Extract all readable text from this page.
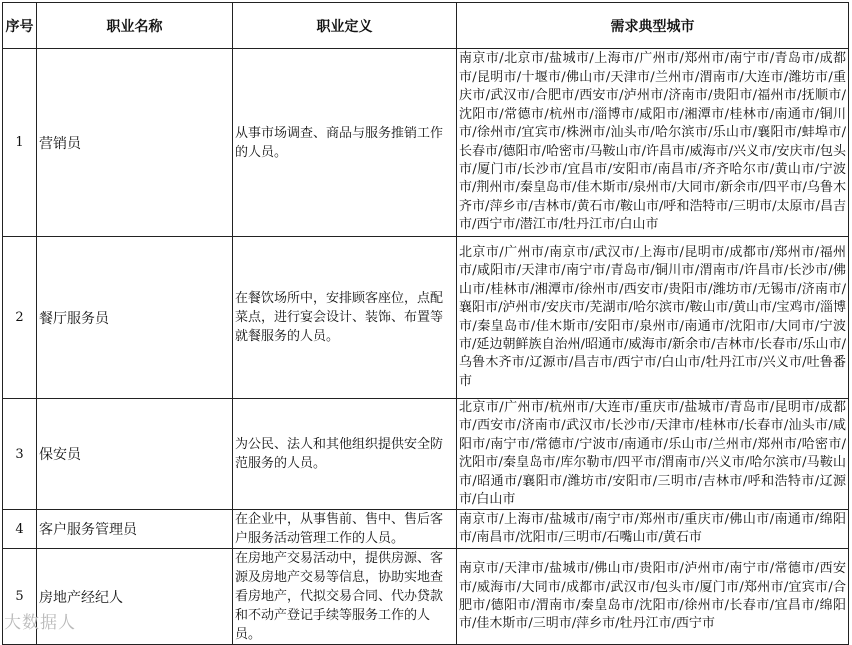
序号	职业名称	职业定义	需求典型城市
1	营销员	从事市场调查、商品与服务推销工作的人员。	南京市/北京市/盐城市/上海市/广州市/郑州市/南宁市/青岛市/成都市/昆明市/十堰市/佛山市/天津市/兰州市/渭南市/大连市/潍坊市/重庆市/武汉市/合肥市/西安市/泸州市/济南市/贵阳市/福州市/抚顺市/沈阳市/常德市/杭州市/淄博市/咸阳市/湘潭市/桂林市/南通市/铜川市/徐州市/宜宾市/株洲市/汕头市/哈尔滨市/乐山市/襄阳市/蚌埠市/长春市/德阳市/哈密市/马鞍山市/许昌市/威海市/兴义市/安庆市/包头市/厦门市/长沙市/宜昌市/安阳市/南昌市/齐齐哈尔市/黄山市/宁波市/荆州市/秦皇岛市/佳木斯市/泉州市/大同市/新余市/四平市/乌鲁木齐市/萍乡市/吉林市/黄石市/鞍山市/呼和浩特市/三明市/太原市/昌吉市/西宁市/潜江市/牡丹江市/白山市
2	餐厅服务员	在餐饮场所中，安排顾客座位，点配菜点，进行宴会设计、装饰、布置等就餐服务的人员。	北京市/广州市/南京市/武汉市/上海市/昆明市/成都市/郑州市/福州市/咸阳市/天津市/南宁市/青岛市/铜川市/渭南市/许昌市/长沙市/佛山市/桂林市/湘潭市/徐州市/西安市/贵阳市/潍坊市/无锡市/济南市/襄阳市/泸州市/安庆市/芜湖市/哈尔滨市/鞍山市/黄山市/宝鸡市/淄博市/秦皇岛市/佳木斯市/安阳市/泉州市/南通市/沈阳市/大同市/宁波市/延边朝鲜族自治州/昭通市/威海市/新余市/吉林市/长春市/乐山市/乌鲁木齐市/辽源市/昌吉市/西宁市/白山市/牡丹江市/兴义市/吐鲁番市
3	保安员	为公民、法人和其他组织提供安全防范服务的人员。	北京市/广州市/杭州市/大连市/重庆市/盐城市/青岛市/昆明市/成都市/西安市/济南市/武汉市/长沙市/天津市/桂林市/长春市/汕头市/咸阳市/南宁市/常德市/宁波市/南通市/乐山市/兰州市/郑州市/哈密市/沈阳市/秦皇岛市/库尔勒市/四平市/渭南市/兴义市/哈尔滨市/马鞍山市/昭通市/襄阳市/潍坊市/安阳市/三明市/吉林市/呼和浩特市/辽源市/白山市
4	客户服务管理员	在企业中，从事售前、售中、售后客户服务活动管理工作的人员。	南京市/上海市/盐城市/南宁市/郑州市/重庆市/佛山市/南通市/绵阳市/南昌市/沈阳市/三明市/石嘴山市/黄石市
5	房地产经纪人	在房地产交易活动中，提供房源、客源及房地产交易等信息，协助实地查看房地产，代拟交易合同、代办贷款和不动产登记手续等服务工作的人员。	南京市/天津市/盐城市/佛山市/贵阳市/泸州市/南宁市/常德市/西安市/威海市/大同市/成都市/武汉市/包头市/厦门市/郑州市/宜宾市/合肥市/德阳市/渭南市/秦皇岛市/沈阳市/徐州市/长春市/宜昌市/绵阳市/佳木斯市/三明市/萍乡市/牡丹江市/西宁市
大数据人
